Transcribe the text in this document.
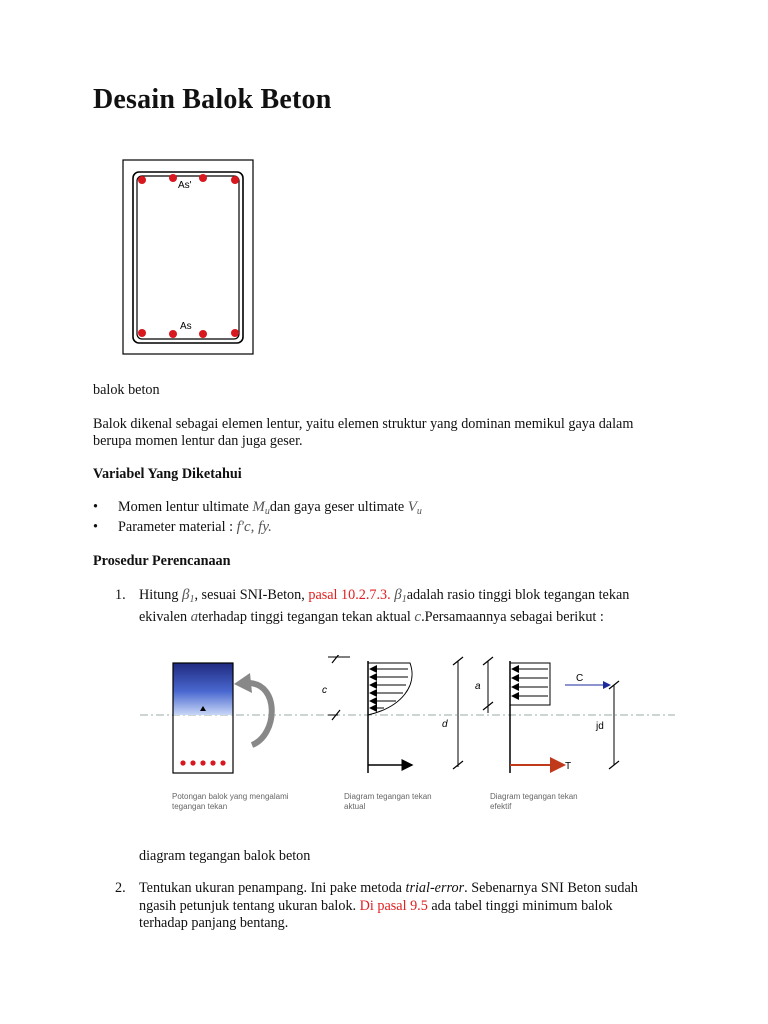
Desain Balok Beton
As'
As

balok beton

Balok dikenal sebagai elemen lentur, yaitu elemen struktur yang dominan memikul gaya dalam berupa momen lentur dan juga geser.

Variabel Yang Diketahui

• Momen lentur ultimate $M_udan$ gaya geser ultimate $V_u$
• Parameter material : f′c, fy.

Prosedur Perencanaan

1. Hitung $\beta_1$, sesuai SNI-Beton, pasal 10.2.7.3. $\beta_1adalah$ rasio tinggi blok tegangan tekan ekivalen aterhadap tinggi tegangan tekan aktual c.Persamaannya sebagai berikut :
c
d
a
C
T
jd
Potongan balok yang mengalami tegangan tekan
Diagram tegangan tekan aktual
Diagram tegangan tekan efektif

diagram tegangan balok beton

2. Tentukan ukuran penampang. Ini pake metoda trial-error. Sebenarnya SNI Beton sudah ngasih petunjuk tentang ukuran balok. Di pasal 9.5 ada tabel tinggi minimum balok terhadap panjang bentang.
